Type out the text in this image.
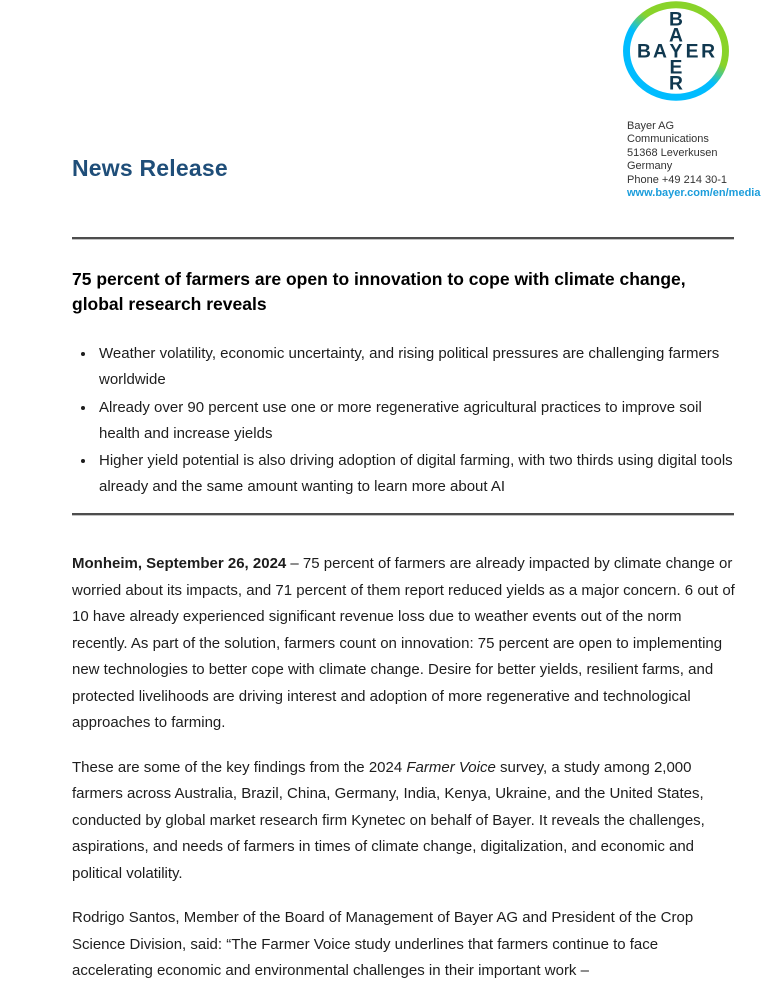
B A Y E R
B
A
E
R
Bayer AG
Communications
51368 Leverkusen
Germany
Phone +49 214 30-1
www.bayer.com/en/media
News Release
75 percent of farmers are open to innovation to cope with climate change, global research reveals
• Weather volatility, economic uncertainty, and rising political pressures are challenging farmers worldwide
• Already over 90 percent use one or more regenerative agricultural practices to improve soil health and increase yields
• Higher yield potential is also driving adoption of digital farming, with two thirds using digital tools already and the same amount wanting to learn more about AI

Monheim, September 26, 2024 – 75 percent of farmers are already impacted by climate change or worried about its impacts, and 71 percent of them report reduced yields as a major concern. 6 out of 10 have already experienced significant revenue loss due to weather events out of the norm recently. As part of the solution, farmers count on innovation: 75 percent are open to implementing new technologies to better cope with climate change. Desire for better yields, resilient farms, and protected livelihoods are driving interest and adoption of more regenerative and technological approaches to farming.

These are some of the key findings from the 2024 Farmer Voice survey, a study among 2,000 farmers across Australia, Brazil, China, Germany, India, Kenya, Ukraine, and the United States, conducted by global market research firm Kynetec on behalf of Bayer. It reveals the challenges, aspirations, and needs of farmers in times of climate change, digitalization, and economic and political volatility.

Rodrigo Santos, Member of the Board of Management of Bayer AG and President of the Crop Science Division, said: “The Farmer Voice study underlines that farmers continue to face accelerating economic and environmental challenges in their important work –
